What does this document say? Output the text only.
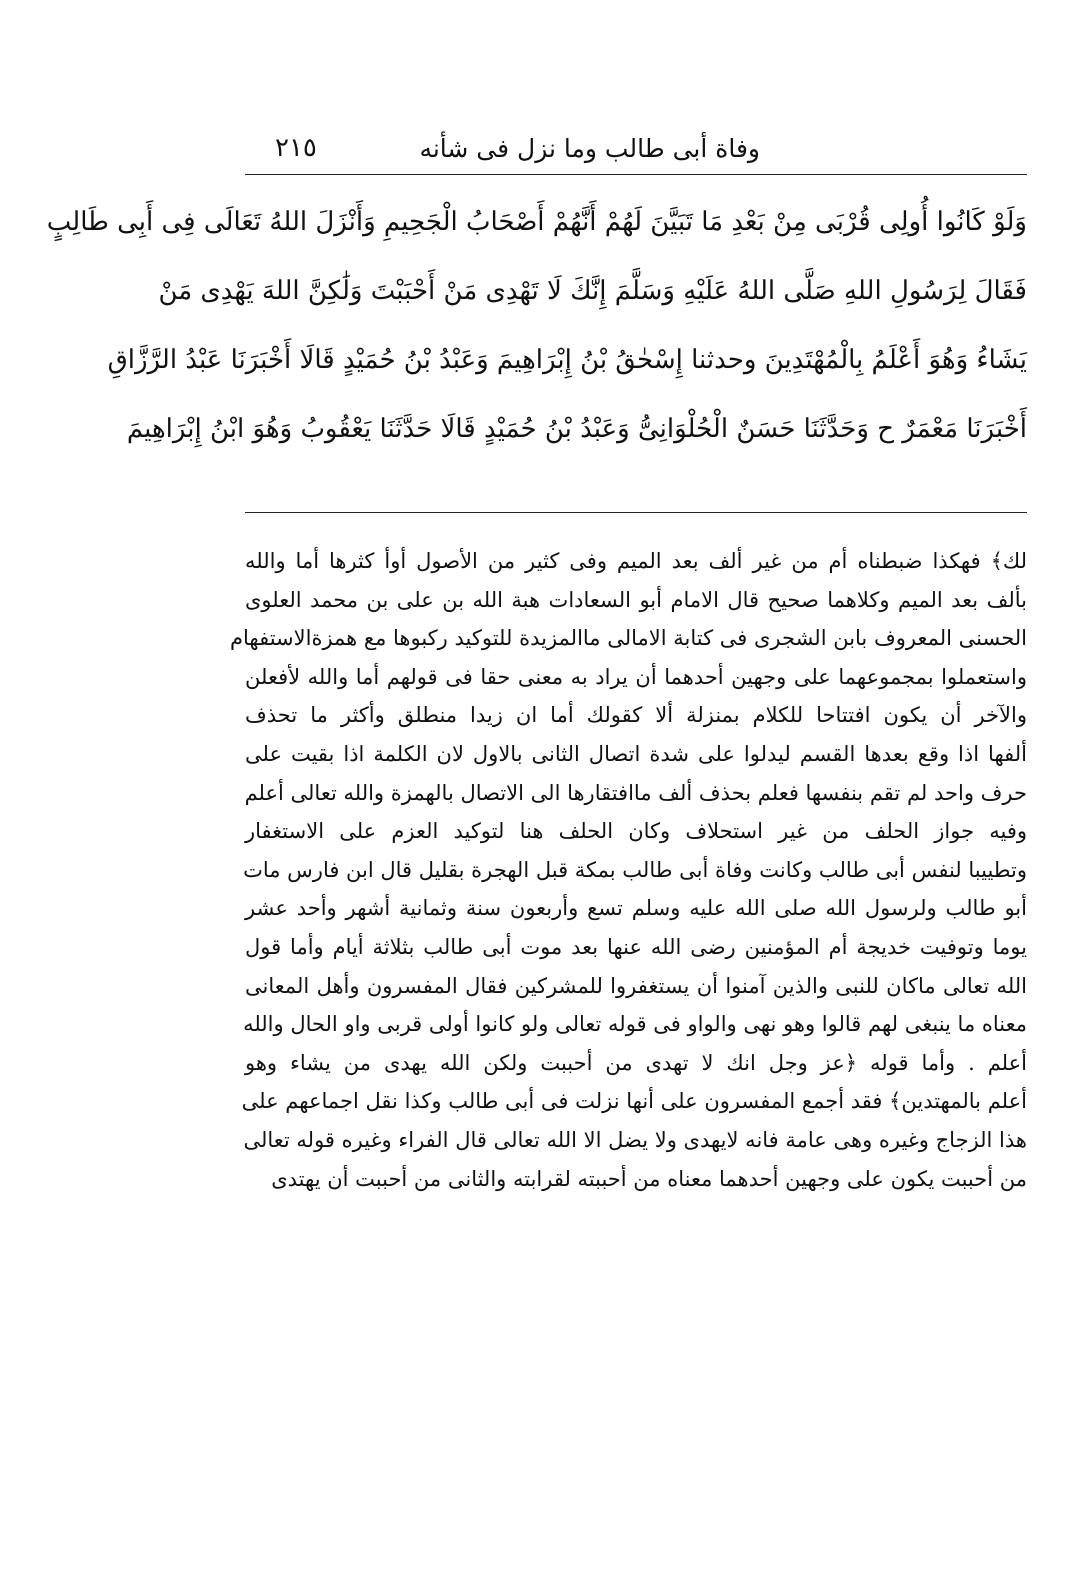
٢١٥	وفاة أبى طالب وما نزل فى شأنه
وَلَوْ كَانُوا أُولِى قُرْبَى مِنْ بَعْدِ مَا تَبَيَّنَ لَهُمْ أَنَّهُمْ أَصْحَابُ الْجَحِيمِ وَأَنْزَلَ اللهُ تَعَالَى فِى أَبِى طَالِبٍ
فَقَالَ لِرَسُولِ اللهِ صَلَّى اللهُ عَلَيْهِ وَسَلَّمَ إِنَّكَ لَا تَهْدِى مَنْ أَحْبَبْتَ وَلَٰكِنَّ اللهَ يَهْدِى مَنْ
يَشَاءُ وَهُوَ أَعْلَمُ بِالْمُهْتَدِينَ وحدثنا إِسْحٰقُ بْنُ إِبْرَاهِيمَ وَعَبْدُ بْنُ حُمَيْدٍ قَالَا أَخْبَرَنَا عَبْدُ الرَّزَّاقِ
أَخْبَرَنَا مَعْمَرٌ ح وَحَدَّثَنَا حَسَنٌ الْحُلْوَانِىُّ وَعَبْدُ بْنُ حُمَيْدٍ قَالَا حَدَّثَنَا يَعْقُوبُ وَهُوَ ابْنُ إِبْرَاهِيمَ
لك﴾ فهكذا ضبطناه أم من غير ألف بعد الميم وفى كثير من الأصول أوأ كثرها أما والله
بألف بعد الميم وكلاهما صحيح قال الامام أبو السعادات هبة الله بن على بن محمد العلوى
الحسنى المعروف بابن الشجرى فى كتابة الامالى ماالمزيدة للتوكيد ركبوها مع همزةالاستفهام
واستعملوا بمجموعهما على وجهين أحدهما أن يراد به معنى حقا فى قولهم أما والله لأفعلن
والآخر أن يكون افتتاحا للكلام بمنزلة ألا كقولك أما ان زيدا منطلق وأكثر ما تحذف
ألفها اذا وقع بعدها القسم ليدلوا على شدة اتصال الثانى بالاول لان الكلمة اذا بقيت على
حرف واحد لم تقم بنفسها فعلم بحذف ألف ماافتقارها الى الاتصال بالهمزة والله تعالى أعلم
وفيه جواز الحلف من غير استحلاف وكان الحلف هنا لتوكيد العزم على الاستغفار
وتطييبا لنفس أبى طالب وكانت وفاة أبى طالب بمكة قبل الهجرة بقليل قال ابن فارس مات
أبو طالب ولرسول الله صلى الله عليه وسلم تسع وأربعون سنة وثمانية أشهر وأحد عشر
يوما وتوفيت خديجة أم المؤمنين رضى الله عنها بعد موت أبى طالب بثلاثة أيام وأما قول
الله تعالى ماكان للنبى والذين آمنوا أن يستغفروا للمشركين فقال المفسرون وأهل المعانى
معناه ما ينبغى لهم قالوا وهو نهى والواو فى قوله تعالى ولو كانوا أولى قربى واو الحال والله
أعلم . وأما قوله ﴿عز وجل انك لا تهدى من أحببت ولكن الله يهدى من يشاء وهو
أعلم بالمهتدين﴾ فقد أجمع المفسرون على أنها نزلت فى أبى طالب وكذا نقل اجماعهم على
هذا الزجاج وغيره وهى عامة فانه لايهدى ولا يضل الا الله تعالى قال الفراء وغيره قوله تعالى
من أحببت يكون على وجهين أحدهما معناه من أحببته لقرابته والثانى من أحببت أن يهتدى
